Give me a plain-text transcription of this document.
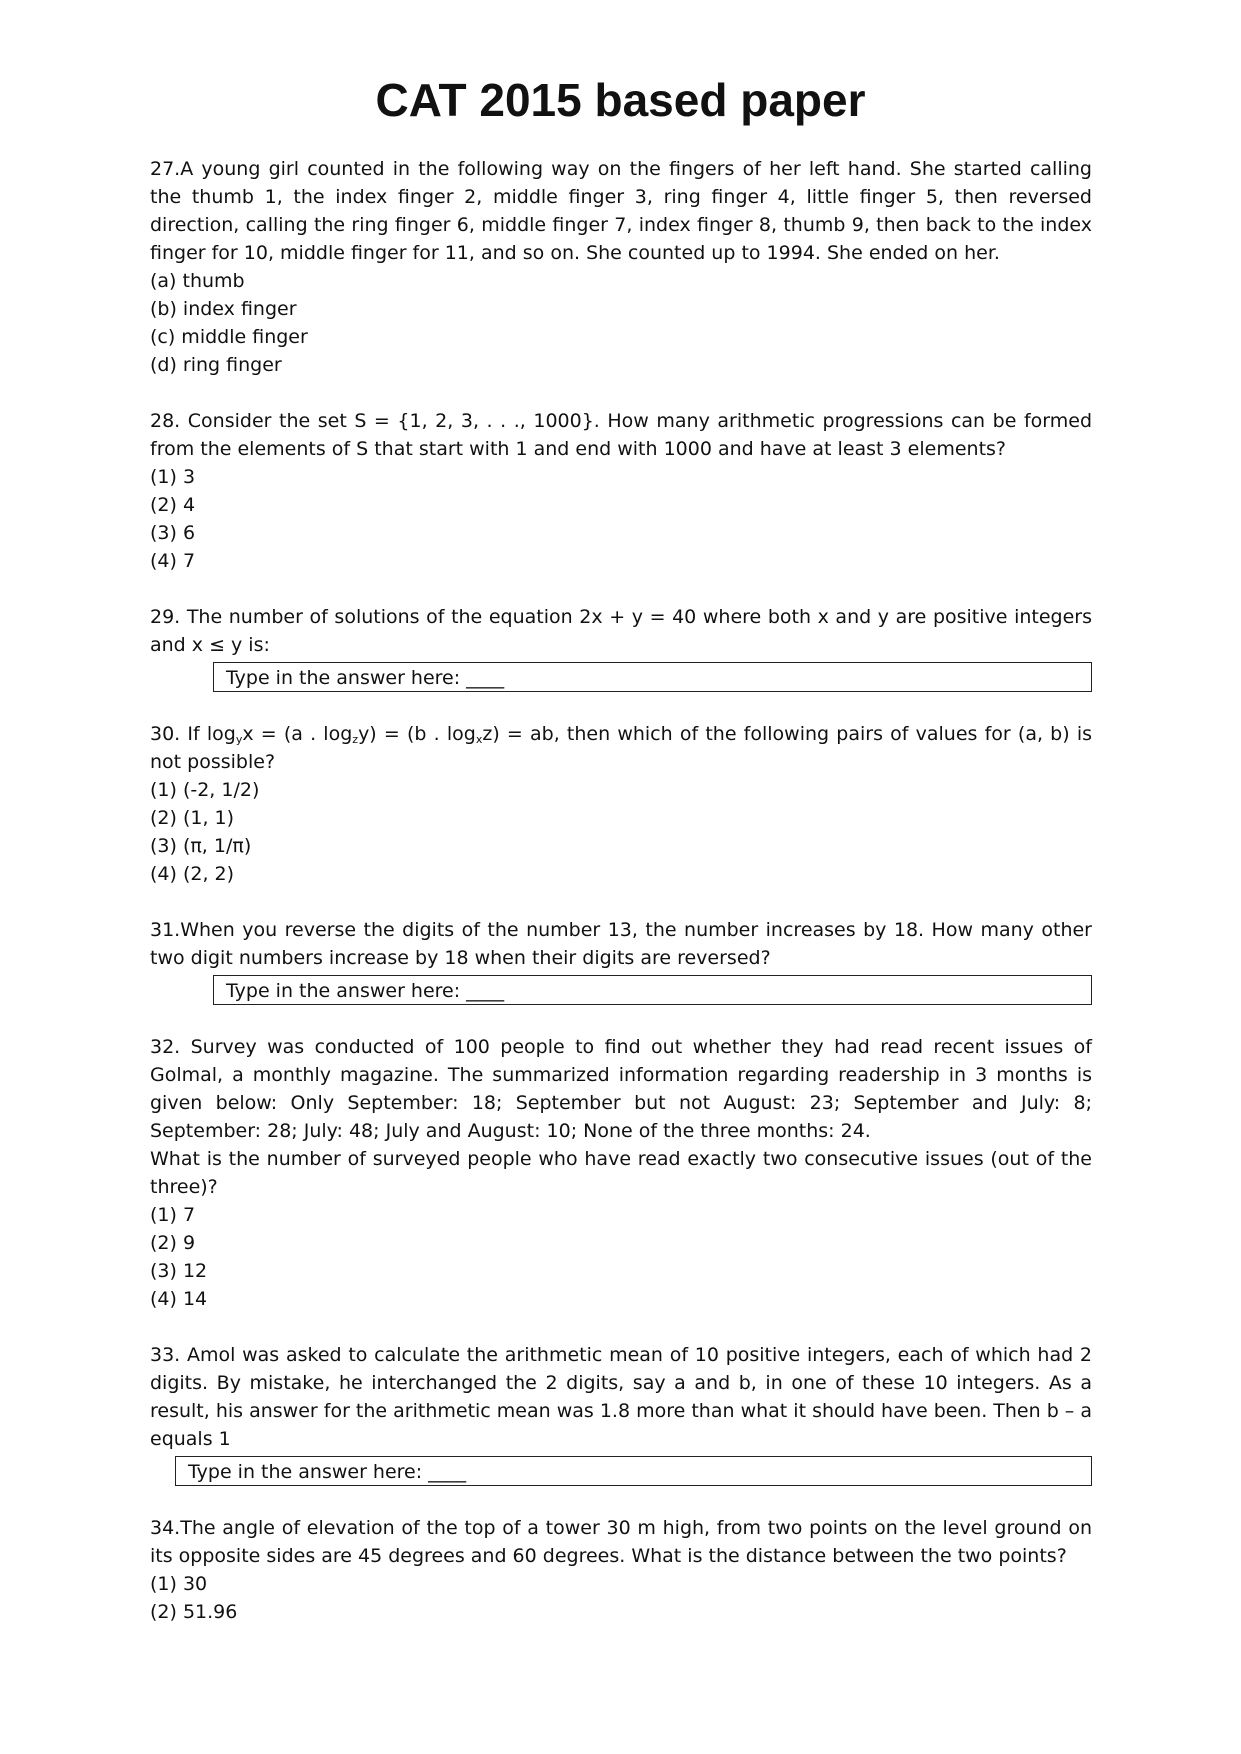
CAT 2015 based paper

27.A young girl counted in the following way on the fingers of her left hand. She started calling the thumb 1, the index finger 2, middle finger 3, ring finger 4, little finger 5, then reversed direction, calling the ring finger 6, middle finger 7, index finger 8, thumb 9, then back to the index finger for 10, middle finger for 11, and so on. She counted up to 1994. She ended on her.

(a) thumb
(b) index finger
(c) middle finger
(d) ring finger

28. Consider the set S = {1, 2, 3, . . ., 1000}. How many arithmetic progressions can be formed from the elements of S that start with 1 and end with 1000 and have at least 3 elements?

(1) 3
(2) 4
(3) 6
(4) 7

29. The number of solutions of the equation 2x + y = 40 where both x and y are positive integers and x ≤ y is:

Type in the answer here: ____

30. If $\log_yx = (a$ . $\log_zy) = (b$ . $\log_xz$) = ab, then which of the following pairs of values for (a, b) is not possible?

(1) (-2, 1/2)
(2) (1, 1)
(3) (π, 1/π)
(4) (2, 2)

31.When you reverse the digits of the number 13, the number increases by 18. How many other two digit numbers increase by 18 when their digits are reversed?

Type in the answer here: ____

32. Survey was conducted of 100 people to find out whether they had read recent issues of Golmal, a monthly magazine. The summarized information regarding readership in 3 months is given below: Only September: 18; September but not August: 23; September and July: 8; September: 28; July: 48; July and August: 10; None of the three months: 24.

What is the number of surveyed people who have read exactly two consecutive issues (out of the three)?

(1) 7
(2) 9
(3) 12
(4) 14

33. Amol was asked to calculate the arithmetic mean of 10 positive integers, each of which had 2 digits. By mistake, he interchanged the 2 digits, say a and b, in one of these 10 integers. As a result, his answer for the arithmetic mean was 1.8 more than what it should have been. Then b – a equals 1

Type in the answer here: ____

34.The angle of elevation of the top of a tower 30 m high, from two points on the level ground on its opposite sides are 45 degrees and 60 degrees. What is the distance between the two points?

(1) 30
(2) 51.96
